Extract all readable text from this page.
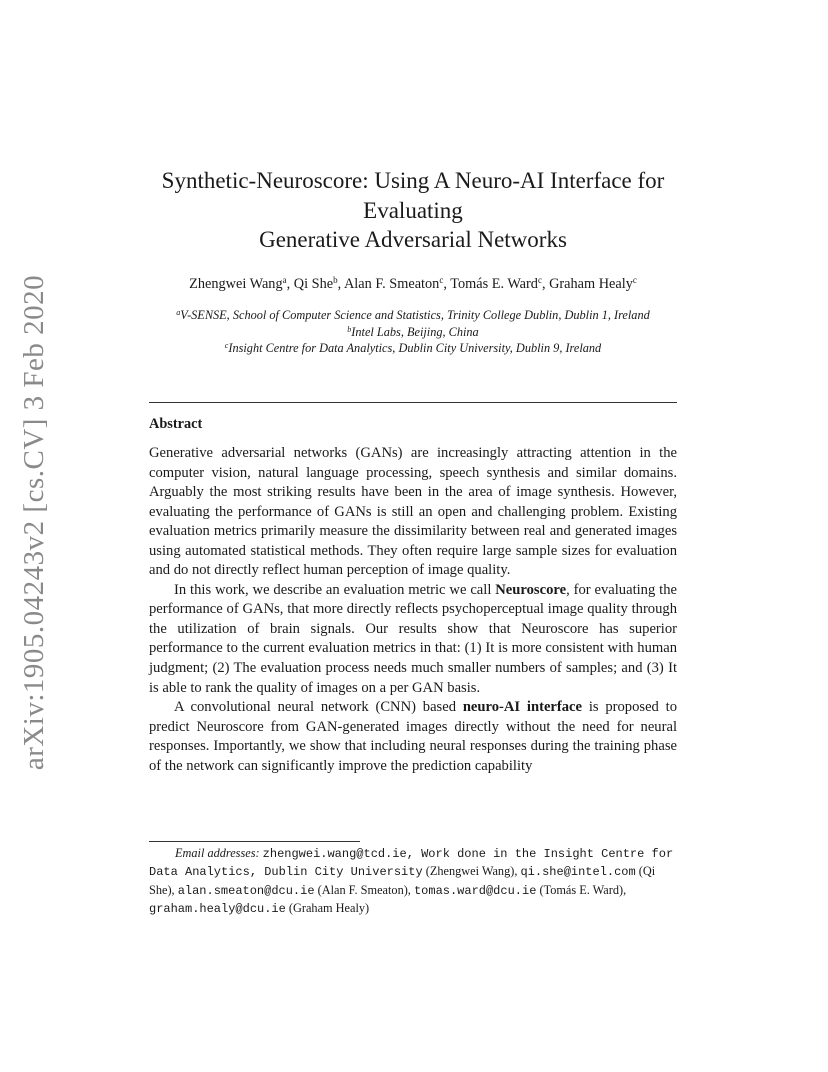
arXiv:1905.04243v2 [cs.CV] 3 Feb 2020
Synthetic-Neuroscore: Using A Neuro-AI Interface for
Evaluating
Generative Adversarial Networks
Zhengwei Wang$^a$, Qi She$^b$, Alan F. Smeaton$^c$, Tomás E. Ward$^c$, Graham Healy$^c$
$^a$V-SENSE, School of Computer Science and Statistics, Trinity College Dublin, Dublin 1, Ireland
$^b$Intel Labs, Beijing, China
$^c$Insight Centre for Data Analytics, Dublin City University, Dublin 9, Ireland
Abstract

Generative adversarial networks (GANs) are increasingly attracting attention in the computer vision, natural language processing, speech synthesis and similar domains. Arguably the most striking results have been in the area of image synthesis. However, evaluating the performance of GANs is still an open and challenging problem. Existing evaluation metrics primarily measure the dissimilarity between real and generated images using automated statistical methods. They often require large sample sizes for evaluation and do not directly reflect human perception of image quality.

In this work, we describe an evaluation metric we call Neuroscore, for evaluating the performance of GANs, that more directly reflects psychoperceptual image quality through the utilization of brain signals. Our results show that Neuroscore has superior performance to the current evaluation metrics in that: (1) It is more consistent with human judgment; (2) The evaluation process needs much smaller numbers of samples; and (3) It is able to rank the quality of images on a per GAN basis.

A convolutional neural network (CNN) based neuro-AI interface is proposed to predict Neuroscore from GAN-generated images directly without the need for neural responses. Importantly, we show that including neural responses during the training phase of the network can significantly improve the prediction capability

Email addresses: zhengwei.wang@tcd.ie, Work done in the Insight Centre for Data Analytics, Dublin City University (Zhengwei Wang), qi.she@intel.com (Qi She), alan.smeaton@dcu.ie (Alan F. Smeaton), tomas.ward@dcu.ie (Tomás E. Ward), graham.healy@dcu.ie (Graham Healy)
